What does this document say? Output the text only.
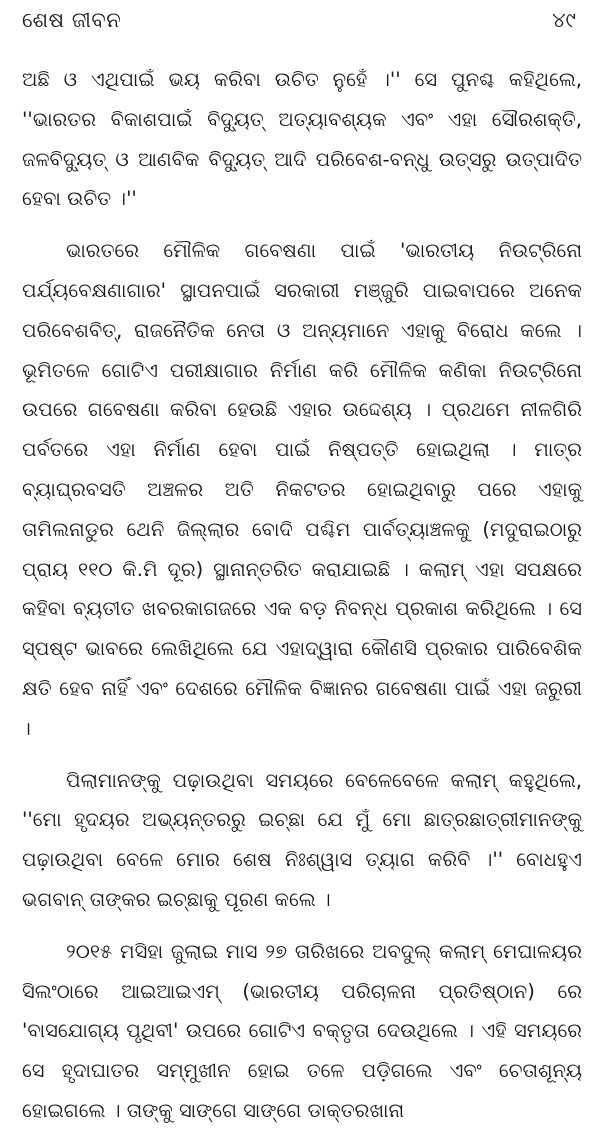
ଶେଷ ଜୀବନ	୪୯

ଅଛି ଓ ଏଥିପାଇଁ ଭୟ କରିବା ଉଚିତ ନୁହେଁ ।'' ସେ ପୁନଶ୍ଚ କହିଥିଲେ, ''ଭାରତର ବିକାଶପାଇଁ ବିଦ୍ୟୁତ୍ ଅତ୍ୟାବଶ୍ୟକ ଏବଂ ଏହା ସୌରଶକ୍ତି, ଜଳବିଦ୍ୟୁତ୍ ଓ ଆଣବିକ ବିଦ୍ୟୁତ୍ ଆଦି ପରିବେଶ-ବନ୍ଧୁ ଉତ୍ସରୁ ଉତ୍ପାଦିତ ହେବା ଉଚିତ ।''

ଭାରତରେ ମୌଳିକ ଗବେଷଣା ପାଇଁ 'ଭାରତୀୟ ନିଉଟ୍ରିନୋ ପର୍ଯ୍ୟବେକ୍ଷଣାଗାର' ସ୍ଥାପନପାଇଁ ସରକାରୀ ମଞ୍ଜୁରି ପାଇବାପରେ ଅନେକ ପରିବେଶବିତ୍, ରାଜନୈତିକ ନେତା ଓ ଅନ୍ୟମାନେ ଏହାକୁ ବିରୋଧ କଲେ । ଭୂମିତଳେ ଗୋଟିଏ ପରୀକ୍ଷାଗାର ନିର୍ମାଣ କରି ମୌଳିକ କଣିକା ନିଉଟ୍ରିନୋ ଉପରେ ଗବେଷଣା କରିବା ହେଉଛି ଏହାର ଉଦ୍ଦେଶ୍ୟ । ପ୍ରଥମେ ନୀଳଗିରି ପର୍ବତରେ ଏହା ନିର୍ମାଣ ହେବା ପାଇଁ ନିଷ୍ପତ୍ତି ହୋଇଥିଲା । ମାତ୍ର ବ୍ୟାଘ୍ରବସତି ଅଞ୍ଚଳର ଅତି ନିକଟତର ହୋଇଥିବାରୁ ପରେ ଏହାକୁ ତାମିଲନାଡୁର ଥେନି ଜିଲ୍ଲାର ବୋଦି ପଶ୍ଚିମ ପାର୍ବତ୍ୟାଞ୍ଚଳକୁ (ମଦୁରାଇଠାରୁ ପ୍ରାୟ ୧୧୦ କି.ମି ଦୂର) ସ୍ଥାନାନ୍ତରିତ କରାଯାଇଛି । କଲାମ୍ ଏହା ସପକ୍ଷରେ କହିବା ବ୍ୟତୀତ ଖବରକାଗଜରେ ଏକ ବଡ଼ ନିବନ୍ଧ ପ୍ରକାଶ କରିଥିଲେ । ସେ ସ୍ପଷ୍ଟ ଭାବରେ ଲେଖିଥିଲେ ଯେ ଏହାଦ୍ୱାରା କୌଣସି ପ୍ରକାର ପାରିବେଶିକ କ୍ଷତି ହେବ ନାହିଁ ଏବଂ ଦେଶରେ ମୌଳିକ ବିଜ୍ଞାନର ଗବେଷଣା ପାଇଁ ଏହା ଜରୁରୀ ।

ପିଲାମାନଙ୍କୁ ପଢ଼ାଉଥିବା ସମୟରେ ବେଳେବେଳେ କଲାମ୍ କହୁଥିଲେ, ''ମୋ ହୃଦୟର ଅଭ୍ୟନ୍ତରରୁ ଇଚ୍ଛା ଯେ ମୁଁ ମୋ ଛାତ୍ରଛାତ୍ରୀମାନଙ୍କୁ ପଢ଼ାଉଥିବା ବେଳେ ମୋର ଶେଷ ନିଃଶ୍ୱାସ ତ୍ୟାଗ କରିବି ।'' ବୋଧହୁଏ ଭଗବାନ୍ ତାଙ୍କର ଇଚ୍ଛାକୁ ପୂରଣ କଲେ ।

୨୦୧୫ ମସିହା ଜୁଲାଇ ମାସ ୨୭ ତାରିଖରେ ଅବଦୁଲ୍ କଲାମ୍ ମେଘାଳୟର ସିଲଂଠାରେ ଆଇଆଇଏମ୍ (ଭାରତୀୟ ପରିଚାଳନା ପ୍ରତିଷ୍ଠାନ) ରେ 'ବାସଯୋଗ୍ୟ ପୃଥିବୀ' ଉପରେ ଗୋଟିଏ ବକ୍ତୃତା ଦେଉଥିଲେ । ଏହି ସମୟରେ ସେ ହୃଦାଘାତର ସମ୍ମୁଖୀନ ହୋଇ ତଳେ ପଡ଼ିଗଲେ ଏବଂ ଚେତାଶୂନ୍ୟ ହୋଇଗଲେ । ତାଙ୍କୁ ସାଙ୍ଗେ ସାଙ୍ଗେ ଡାକ୍ତରଖାନା
